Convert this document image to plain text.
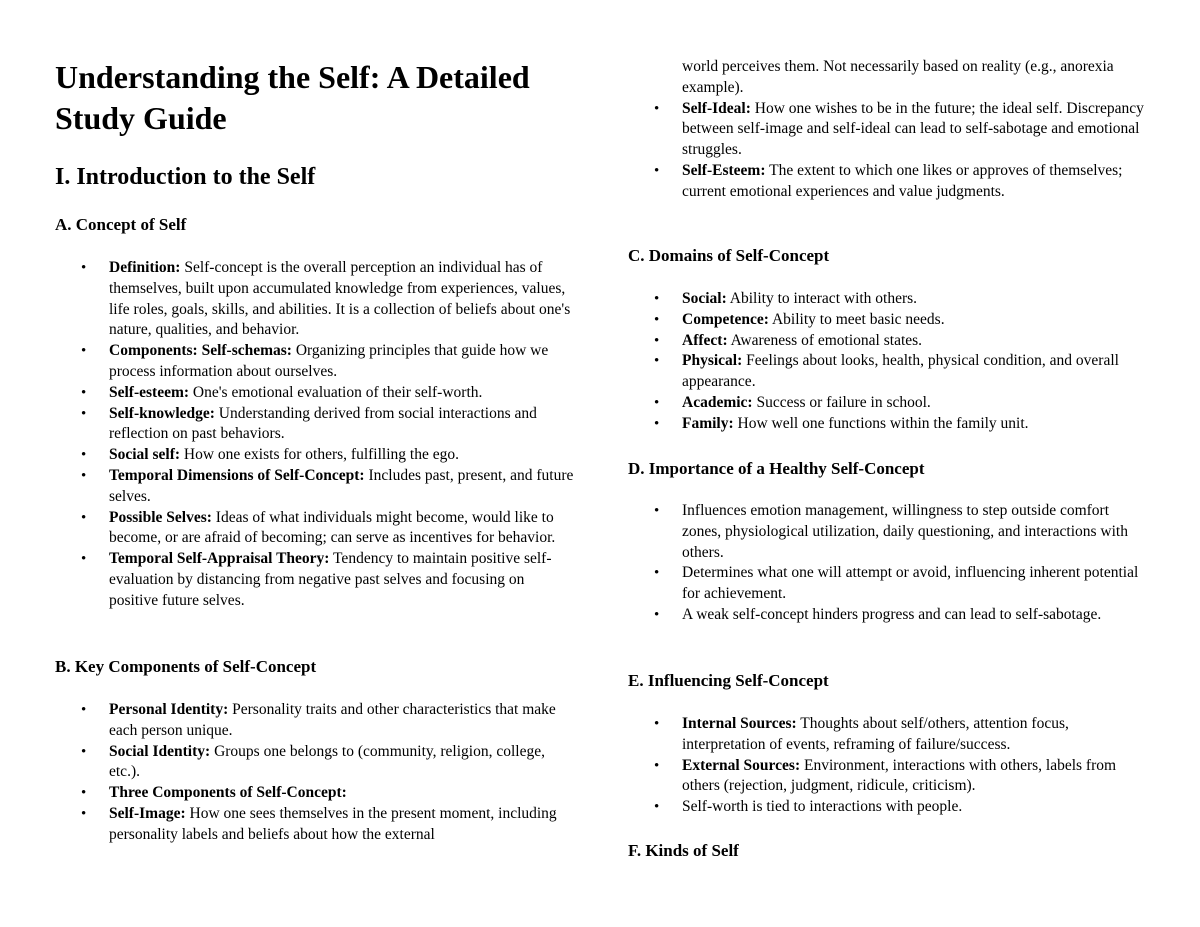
Understanding the Self: A Detailed Study Guide
I. Introduction to the Self
A. Concept of Self
• Definition: Self-concept is the overall perception an individual has of themselves, built upon accumulated knowledge from experiences, values, life roles, goals, skills, and abilities. It is a collection of beliefs about one's nature, qualities, and behavior.
• Components: Self-schemas: Organizing principles that guide how we process information about ourselves.
• Self-esteem: One's emotional evaluation of their self-worth.
• Self-knowledge: Understanding derived from social interactions and reflection on past behaviors.
• Social self: How one exists for others, fulfilling the ego.
• Temporal Dimensions of Self-Concept: Includes past, present, and future selves.
• Possible Selves: Ideas of what individuals might become, would like to become, or are afraid of becoming; can serve as incentives for behavior.
• Temporal Self-Appraisal Theory: Tendency to maintain positive self-evaluation by distancing from negative past selves and focusing on positive future selves.
B. Key Components of Self-Concept
• Personal Identity: Personality traits and other characteristics that make each person unique.
• Social Identity: Groups one belongs to (community, religion, college, etc.).
• Three Components of Self-Concept:
• Self-Image: How one sees themselves in the present moment, including personality labels and beliefs about how the external
world perceives them. Not necessarily based on reality (e.g., anorexia example).
• Self-Ideal: How one wishes to be in the future; the ideal self. Discrepancy between self-image and self-ideal can lead to self-sabotage and emotional struggles.
• Self-Esteem: The extent to which one likes or approves of themselves; current emotional experiences and value judgments.
C. Domains of Self-Concept
• Social: Ability to interact with others.
• Competence: Ability to meet basic needs.
• Affect: Awareness of emotional states.
• Physical: Feelings about looks, health, physical condition, and overall appearance.
• Academic: Success or failure in school.
• Family: How well one functions within the family unit.
D. Importance of a Healthy Self-Concept
• Influences emotion management, willingness to step outside comfort zones, physiological utilization, daily questioning, and interactions with others.
• Determines what one will attempt or avoid, influencing inherent potential for achievement.
• A weak self-concept hinders progress and can lead to self-sabotage.
E. Influencing Self-Concept
• Internal Sources: Thoughts about self/others, attention focus, interpretation of events, reframing of failure/success.
• External Sources: Environment, interactions with others, labels from others (rejection, judgment, ridicule, criticism).
• Self-worth is tied to interactions with people.
F. Kinds of Self
